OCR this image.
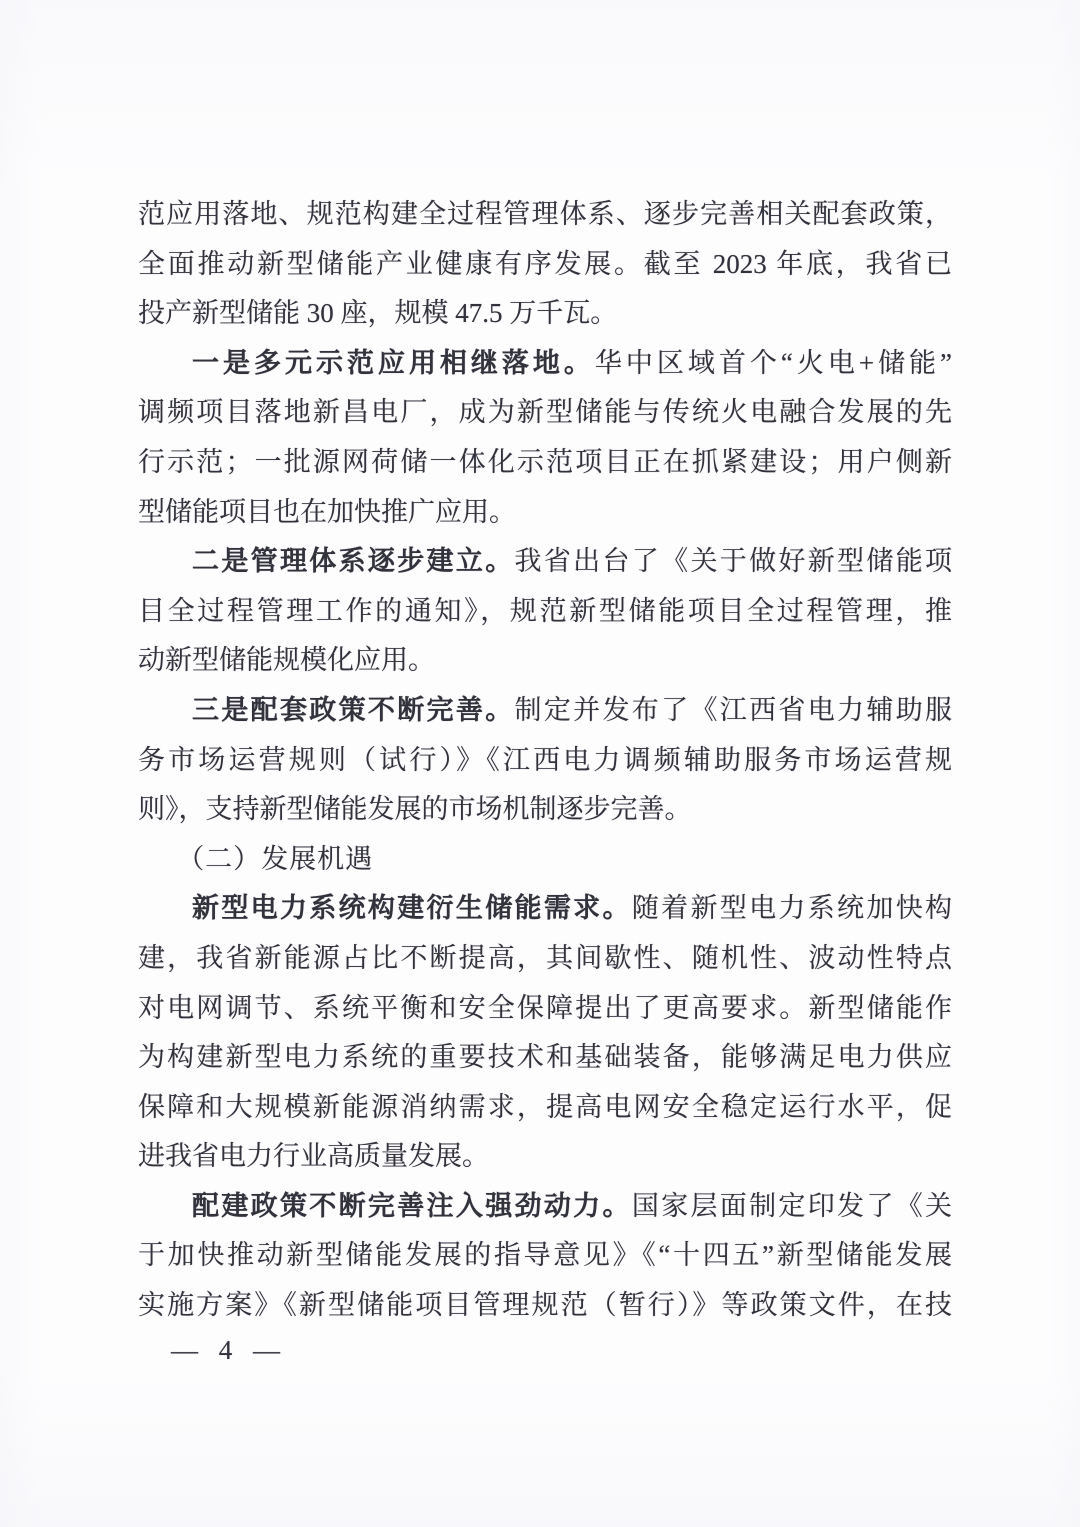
范应用落地、规范构建全过程管理体系、逐步完善相关配套政策，
全面推动新型储能产业健康有序发展。截至 2023 年底，我省已
投产新型储能 30 座，规模 47.5 万千瓦。
一是多元示范应用相继落地。华中区域首个“火电+储能”
调频项目落地新昌电厂，成为新型储能与传统火电融合发展的先
行示范；一批源网荷储一体化示范项目正在抓紧建设；用户侧新
型储能项目也在加快推广应用。
二是管理体系逐步建立。我省出台了《关于做好新型储能项
目全过程管理工作的通知》，规范新型储能项目全过程管理，推
动新型储能规模化应用。
三是配套政策不断完善。制定并发布了《江西省电力辅助服
务市场运营规则（试行）》《江西电力调频辅助服务市场运营规
则》，支持新型储能发展的市场机制逐步完善。
（二）发展机遇
新型电力系统构建衍生储能需求。随着新型电力系统加快构
建，我省新能源占比不断提高，其间歇性、随机性、波动性特点
对电网调节、系统平衡和安全保障提出了更高要求。新型储能作
为构建新型电力系统的重要技术和基础装备，能够满足电力供应
保障和大规模新能源消纳需求，提高电网安全稳定运行水平，促
进我省电力行业高质量发展。
配建政策不断完善注入强劲动力。国家层面制定印发了《关
于加快推动新型储能发展的指导意见》《“十四五”新型储能发展
实施方案》《新型储能项目管理规范（暂行）》等政策文件，在技
— 4 —
